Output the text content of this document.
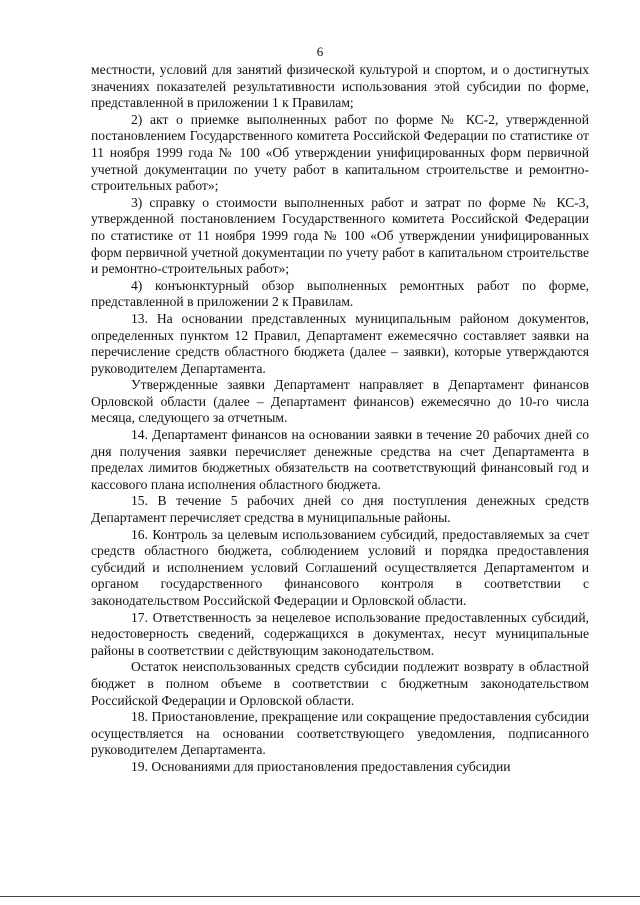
6

местности, условий для занятий физической культурой и спортом, и о достигнутых значениях показателей результативности использования этой субсидии по форме, представленной в приложении 1 к Правилам;

2) акт о приемке выполненных работ по форме № КС-2, утвержденной постановлением Государственного комитета Российской Федерации по статистике от 11 ноября 1999 года № 100 «Об утверждении унифицированных форм первичной учетной документации по учету работ в капитальном строительстве и ремонтно-строительных работ»;

3) справку о стоимости выполненных работ и затрат по форме № КС-3, утвержденной постановлением Государственного комитета Российской Федерации по статистике от 11 ноября 1999 года № 100 «Об утверждении унифицированных форм первичной учетной документации по учету работ в капитальном строительстве и ремонтно-строительных работ»;

4) конъюнктурный обзор выполненных ремонтных работ по форме, представленной в приложении 2 к Правилам.

13. На основании представленных муниципальным районом документов, определенных пунктом 12 Правил, Департамент ежемесячно составляет заявки на перечисление средств областного бюджета (далее – заявки), которые утверждаются руководителем Департамента.

Утвержденные заявки Департамент направляет в Департамент финансов Орловской области (далее – Департамент финансов) ежемесячно до 10-го числа месяца, следующего за отчетным.

14. Департамент финансов на основании заявки в течение 20 рабочих дней со дня получения заявки перечисляет денежные средства на счет Департамента в пределах лимитов бюджетных обязательств на соответствующий финансовый год и кассового плана исполнения областного бюджета.

15. В течение 5 рабочих дней со дня поступления денежных средств Департамент перечисляет средства в муниципальные районы.

16. Контроль за целевым использованием субсидий, предоставляемых за счет средств областного бюджета, соблюдением условий и порядка предоставления субсидий и исполнением условий Соглашений осуществляется Департаментом и органом государственного финансового контроля в соответствии с законодательством Российской Федерации и Орловской области.

17. Ответственность за нецелевое использование предоставленных субсидий, недостоверность сведений, содержащихся в документах, несут муниципальные районы в соответствии с действующим законодательством.

Остаток неиспользованных средств субсидии подлежит возврату в областной бюджет в полном объеме в соответствии с бюджетным законодательством Российской Федерации и Орловской области.

18. Приостановление, прекращение или сокращение предоставления субсидии осуществляется на основании соответствующего уведомления, подписанного руководителем Департамента.

19. Основаниями для приостановления предоставления субсидии
